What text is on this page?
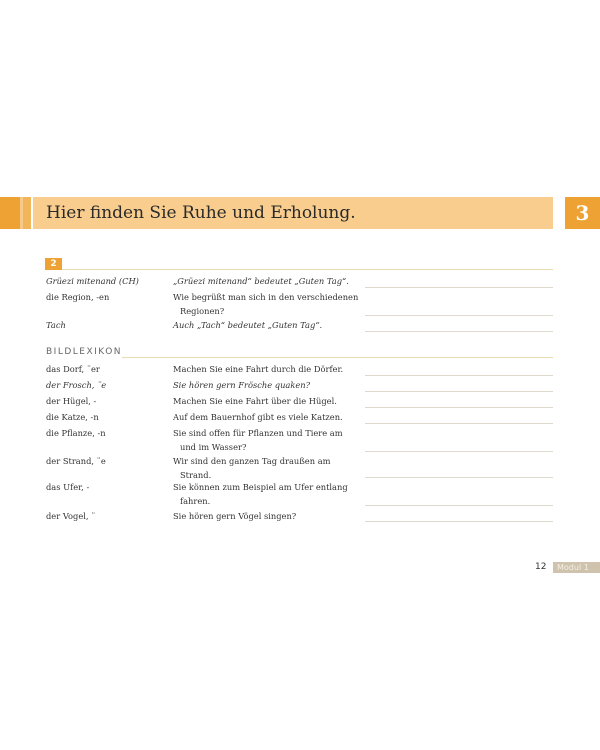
Hier finden Sie Ruhe und Erholung.	3
2
Grüezi mitenand (CH)	„Grüezi mitenand“ bedeutet „Guten Tag“.
die Region, -en	Wie begrüßt man sich in den verschiedenen
Regionen?
Tach	Auch „Tach“ bedeutet „Guten Tag“.
BILDLEXIKON
das Dorf, ¨er	Machen Sie eine Fahrt durch die Dörfer.
der Frosch, ¨e	Sie hören gern Frösche quaken?
der Hügel, -	Machen Sie eine Fahrt über die Hügel.
die Katze, -n	Auf dem Bauernhof gibt es viele Katzen.
die Pflanze, -n	Sie sind offen für Pflanzen und Tiere am
und im Wasser?
der Strand, ¨e	Wir sind den ganzen Tag draußen am
Strand.
das Ufer, -	Sie können zum Beispiel am Ufer entlang
fahren.
der Vogel, ¨	Sie hören gern Vögel singen?
12	Modul 1
